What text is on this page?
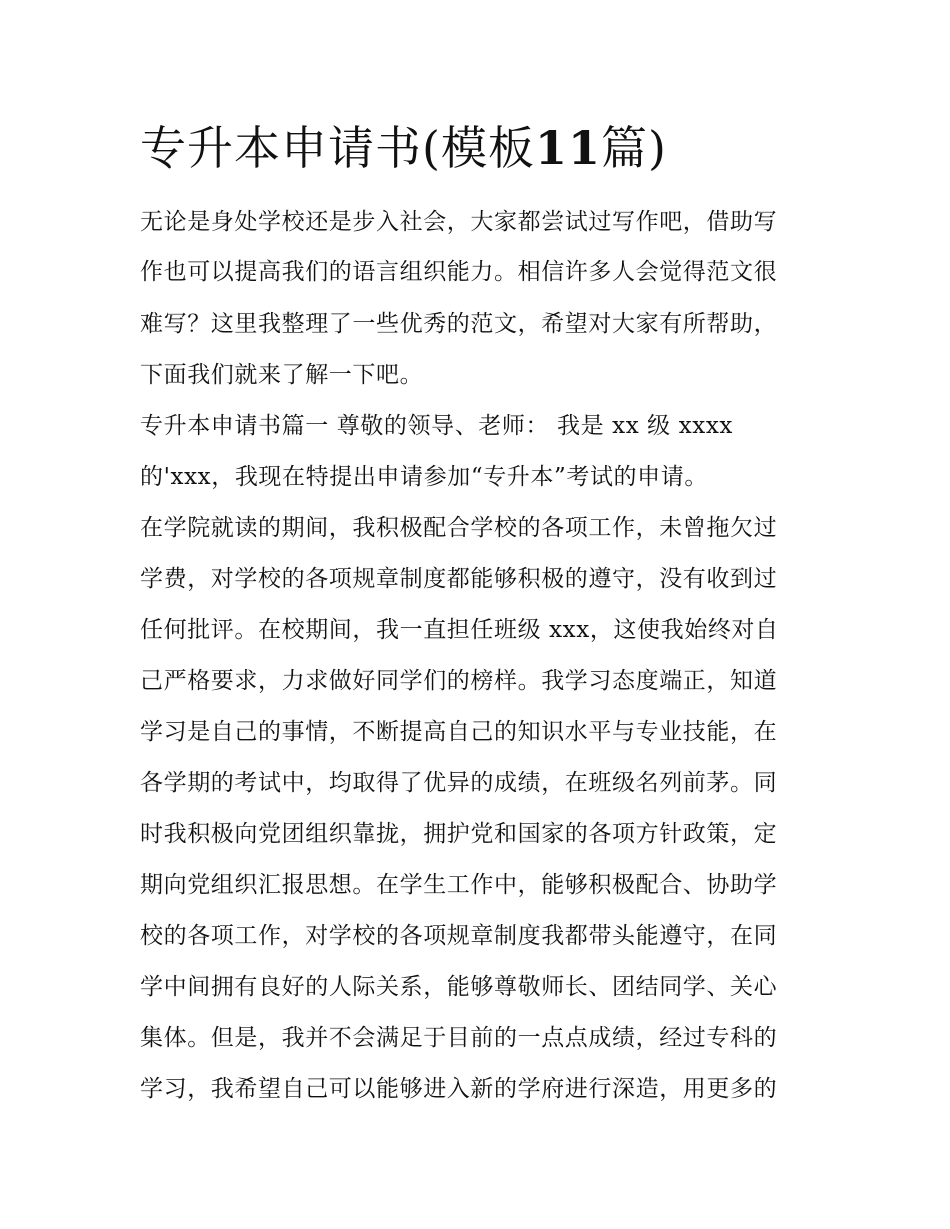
专升本申请书(模板11篇)

无论是身处学校还是步入社会，大家都尝试过写作吧，借助写

作也可以提高我们的语言组织能力。相信许多人会觉得范文很

难写？这里我整理了一些优秀的范文，希望对大家有所帮助，

下面我们就来了解一下吧。

专升本申请书篇一 尊敬的领导、老师： 我是 xx 级 xxxx

的'xxx，我现在特提出申请参加“专升本”考试的申请。

在学院就读的期间，我积极配合学校的各项工作，未曾拖欠过

学费，对学校的各项规章制度都能够积极的遵守，没有收到过

任何批评。在校期间，我一直担任班级 xxx，这使我始终对自

己严格要求，力求做好同学们的榜样。我学习态度端正，知道

学习是自己的事情，不断提高自己的知识水平与专业技能，在

各学期的考试中，均取得了优异的成绩，在班级名列前茅。同

时我积极向党团组织靠拢，拥护党和国家的各项方针政策，定

期向党组织汇报思想。在学生工作中，能够积极配合、协助学

校的各项工作，对学校的各项规章制度我都带头能遵守，在同

学中间拥有良好的人际关系，能够尊敬师长、团结同学、关心

集体。但是，我并不会满足于目前的一点点成绩，经过专科的

学习，我希望自己可以能够进入新的学府进行深造，用更多的
